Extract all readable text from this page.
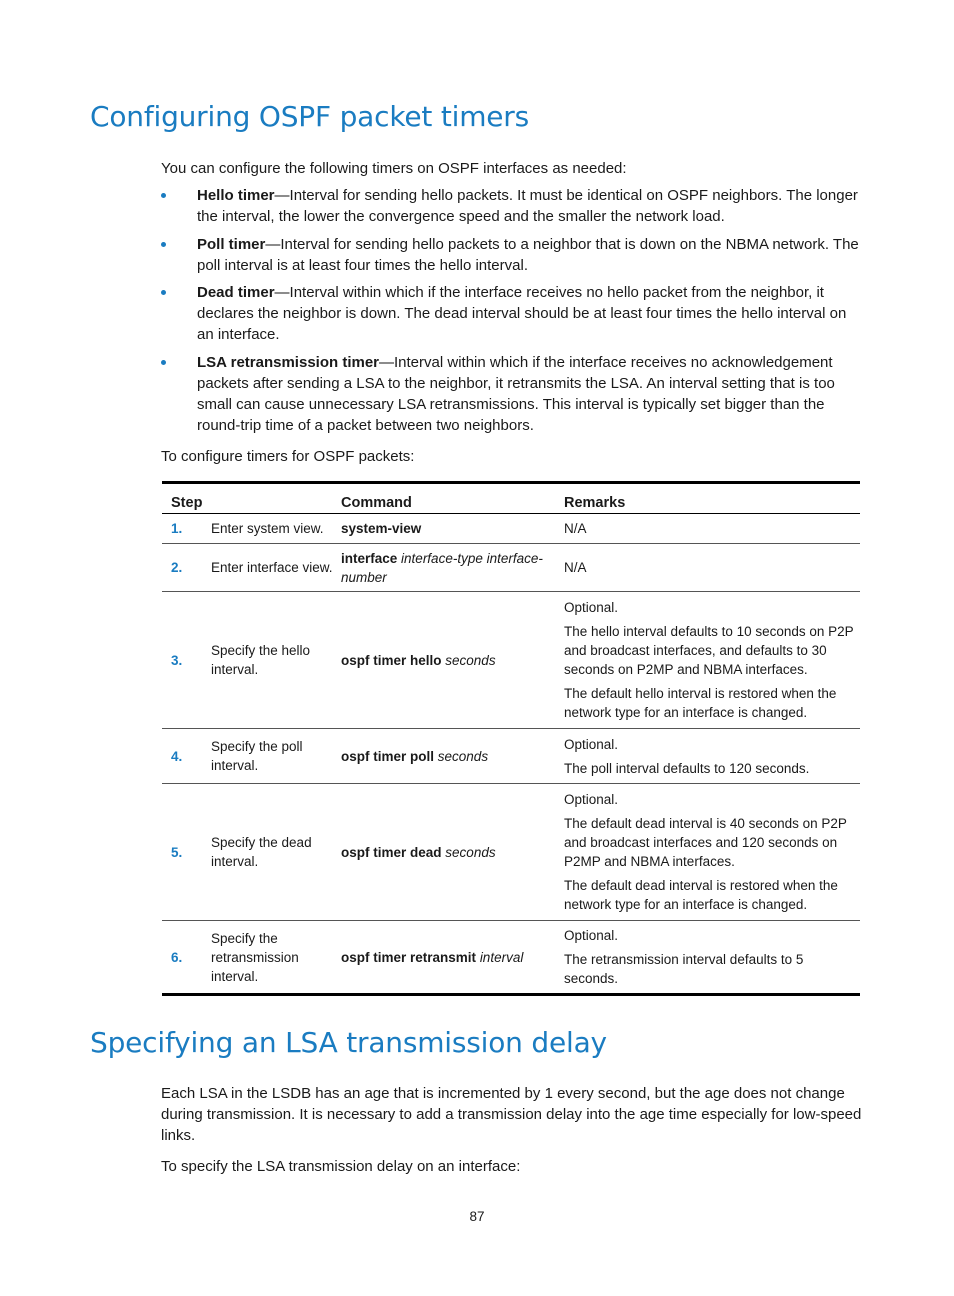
Configuring OSPF packet timers

You can configure the following timers on OSPF interfaces as needed:

Hello timer—Interval for sending hello packets. It must be identical on OSPF neighbors. The longer the interval, the lower the convergence speed and the smaller the network load.
Poll timer—Interval for sending hello packets to a neighbor that is down on the NBMA network. The poll interval is at least four times the hello interval.
Dead timer—Interval within which if the interface receives no hello packet from the neighbor, it declares the neighbor is down. The dead interval should be at least four times the hello interval on an interface.
LSA retransmission timer—Interval within which if the interface receives no acknowledgement packets after sending a LSA to the neighbor, it retransmits the LSA. An interval setting that is too small can cause unnecessary LSA retransmissions. This interval is typically set bigger than the round-trip time of a packet between two neighbors.

To configure timers for OSPF packets:

Step		Command	Remarks
1.	Enter system view.	system-view	N/A

2.	Enter interface view.	interface interface-type interface-number	N/A

3.	Specify the hello interval.	ospf timer hello seconds	Optional.

The hello interval defaults to 10 seconds on P2P and broadcast interfaces, and defaults to 30 seconds on P2MP and NBMA interfaces.

The default hello interval is restored when the network type for an interface is changed.

4.	Specify the poll interval.	ospf timer poll seconds	Optional.

The poll interval defaults to 120 seconds.

5.	Specify the dead interval.	ospf timer dead seconds	Optional.

The default dead interval is 40 seconds on P2P and broadcast interfaces and 120 seconds on P2MP and NBMA interfaces.

The default dead interval is restored when the network type for an interface is changed.

6.	Specify the retransmission interval.	ospf timer retransmit interval	Optional.

The retransmission interval defaults to 5 seconds.

Specifying an LSA transmission delay

Each LSA in the LSDB has an age that is incremented by 1 every second, but the age does not change during transmission. It is necessary to add a transmission delay into the age time especially for low-speed links.

To specify the LSA transmission delay on an interface:

87
